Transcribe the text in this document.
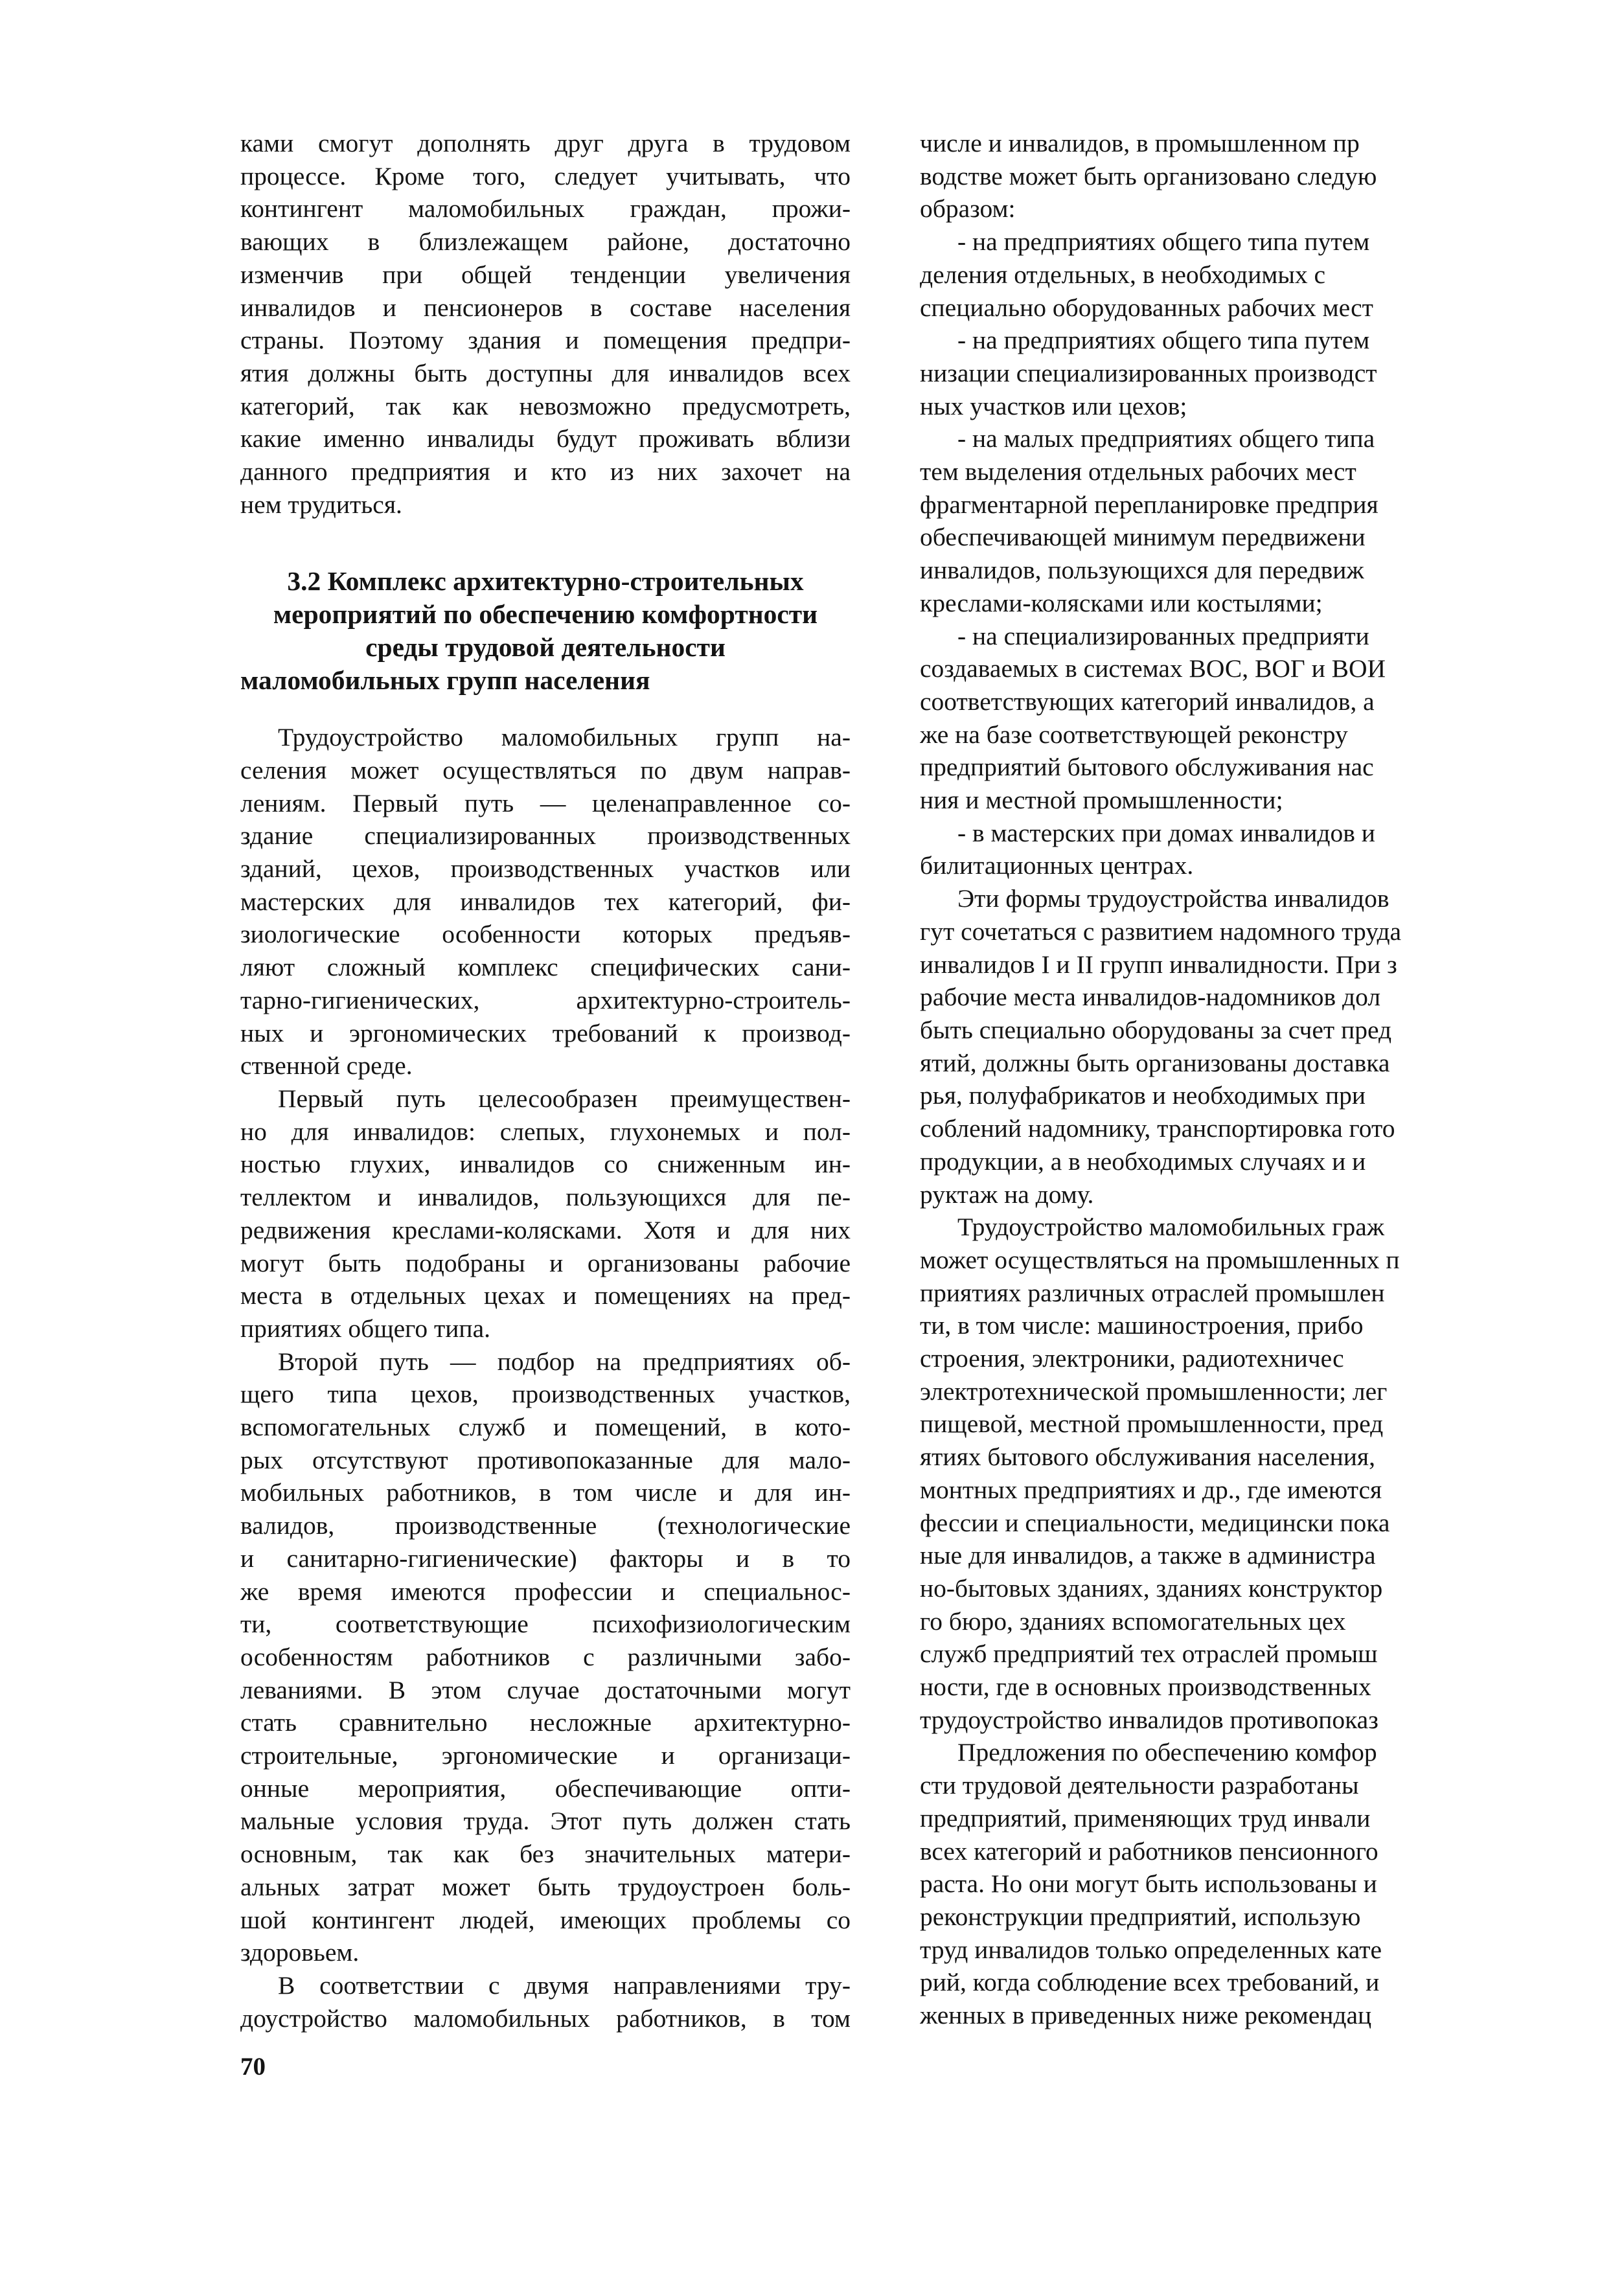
ками смогут дополнять друг друга в трудовом
процессе. Кроме того, следует учитывать, что
контингент маломобильных граждан, прожи-
вающих в близлежащем районе, достаточно
изменчив при общей тенденции увеличения
инвалидов и пенсионеров в составе населения
страны. Поэтому здания и помещения предпри-
ятия должны быть доступны для инвалидов всех
категорий, так как невозможно предусмотреть,
какие именно инвалиды будут проживать вблизи
данного предприятия и кто из них захочет на
нем трудиться.
3.2 Комплекс архитектурно-строительных
мероприятий по обеспечению комфортности
среды трудовой деятельности
маломобильных групп населения
Трудоустройство маломобильных групп на-
селения может осуществляться по двум направ-
лениям. Первый путь — целенаправленное со-
здание специализированных производственных
зданий, цехов, производственных участков или
мастерских для инвалидов тех категорий, фи-
зиологические особенности которых предъяв-
ляют сложный комплекс специфических сани-
тарно-гигиенических, архитектурно-строитель-
ных и эргономических требований к производ-
ственной среде.
Первый путь целесообразен преимуществен-
но для инвалидов: слепых, глухонемых и пол-
ностью глухих, инвалидов со сниженным ин-
теллектом и инвалидов, пользующихся для пе-
редвижения креслами-колясками. Хотя и для них
могут быть подобраны и организованы рабочие
места в отдельных цехах и помещениях на пред-
приятиях общего типа.
Второй путь — подбор на предприятиях об-
щего типа цехов, производственных участков,
вспомогательных служб и помещений, в кото-
рых отсутствуют противопоказанные для мало-
мобильных работников, в том числе и для ин-
валидов, производственные (технологические
и санитарно-гигиенические) факторы и в то
же время имеются профессии и специальнос-
ти, соответствующие психофизиологическим
особенностям работников с различными забо-
леваниями. В этом случае достаточными могут
стать сравнительно несложные архитектурно-
строительные, эргономические и организаци-
онные мероприятия, обеспечивающие опти-
мальные условия труда. Этот путь должен стать
основным, так как без значительных матери-
альных затрат может быть трудоустроен боль-
шой контингент людей, имеющих проблемы со
здоровьем.
В соответствии с двумя направлениями тру-
доустройство маломобильных работников, в том
числе и инвалидов, в промышленном пр
водстве может быть организовано следую
образом:
- на предприятиях общего типа путем
деления отдельных, в необходимых с
специально оборудованных рабочих мест
- на предприятиях общего типа путем
низации специализированных производст
ных участков или цехов;
- на малых предприятиях общего типа
тем выделения отдельных рабочих мест
фрагментарной перепланировке предприя
обеспечивающей минимум передвижени
инвалидов, пользующихся для передвиж
креслами-колясками или костылями;
- на специализированных предприяти
создаваемых в системах ВОС, ВОГ и ВОИ
соответствующих категорий инвалидов, а
же на базе соответствующей реконстру
предприятий бытового обслуживания нас
ния и местной промышленности;
- в мастерских при домах инвалидов и
билитационных центрах.
Эти формы трудоустройства инвалидов
гут сочетаться с развитием надомного труда
инвалидов I и II групп инвалидности. При з
рабочие места инвалидов-надомников дол
быть специально оборудованы за счет пред
ятий, должны быть организованы доставка
рья, полуфабрикатов и необходимых при
соблений надомнику, транспортировка гото
продукции, а в необходимых случаях и и
руктаж на дому.
Трудоустройство маломобильных граж
может осуществляться на промышленных п
приятиях различных отраслей промышлен
ти, в том числе: машиностроения, прибо
строения, электроники, радиотехничес
электротехнической промышленности; лег
пищевой, местной промышленности, пред
ятиях бытового обслуживания населения,
монтных предприятиях и др., где имеются
фессии и специальности, медицински пока
ные для инвалидов, а также в администра
но-бытовых зданиях, зданиях конструктор
го бюро, зданиях вспомогательных цех
служб предприятий тех отраслей промыш
ности, где в основных производственных
трудоустройство инвалидов противопоказ
Предложения по обеспечению комфор
сти трудовой деятельности разработаны
предприятий, применяющих труд инвали
всех категорий и работников пенсионного
раста. Но они могут быть использованы и
реконструкции предприятий, использую
труд инвалидов только определенных кате
рий, когда соблюдение всех требований, и
женных в приведенных ниже рекомендац
70
